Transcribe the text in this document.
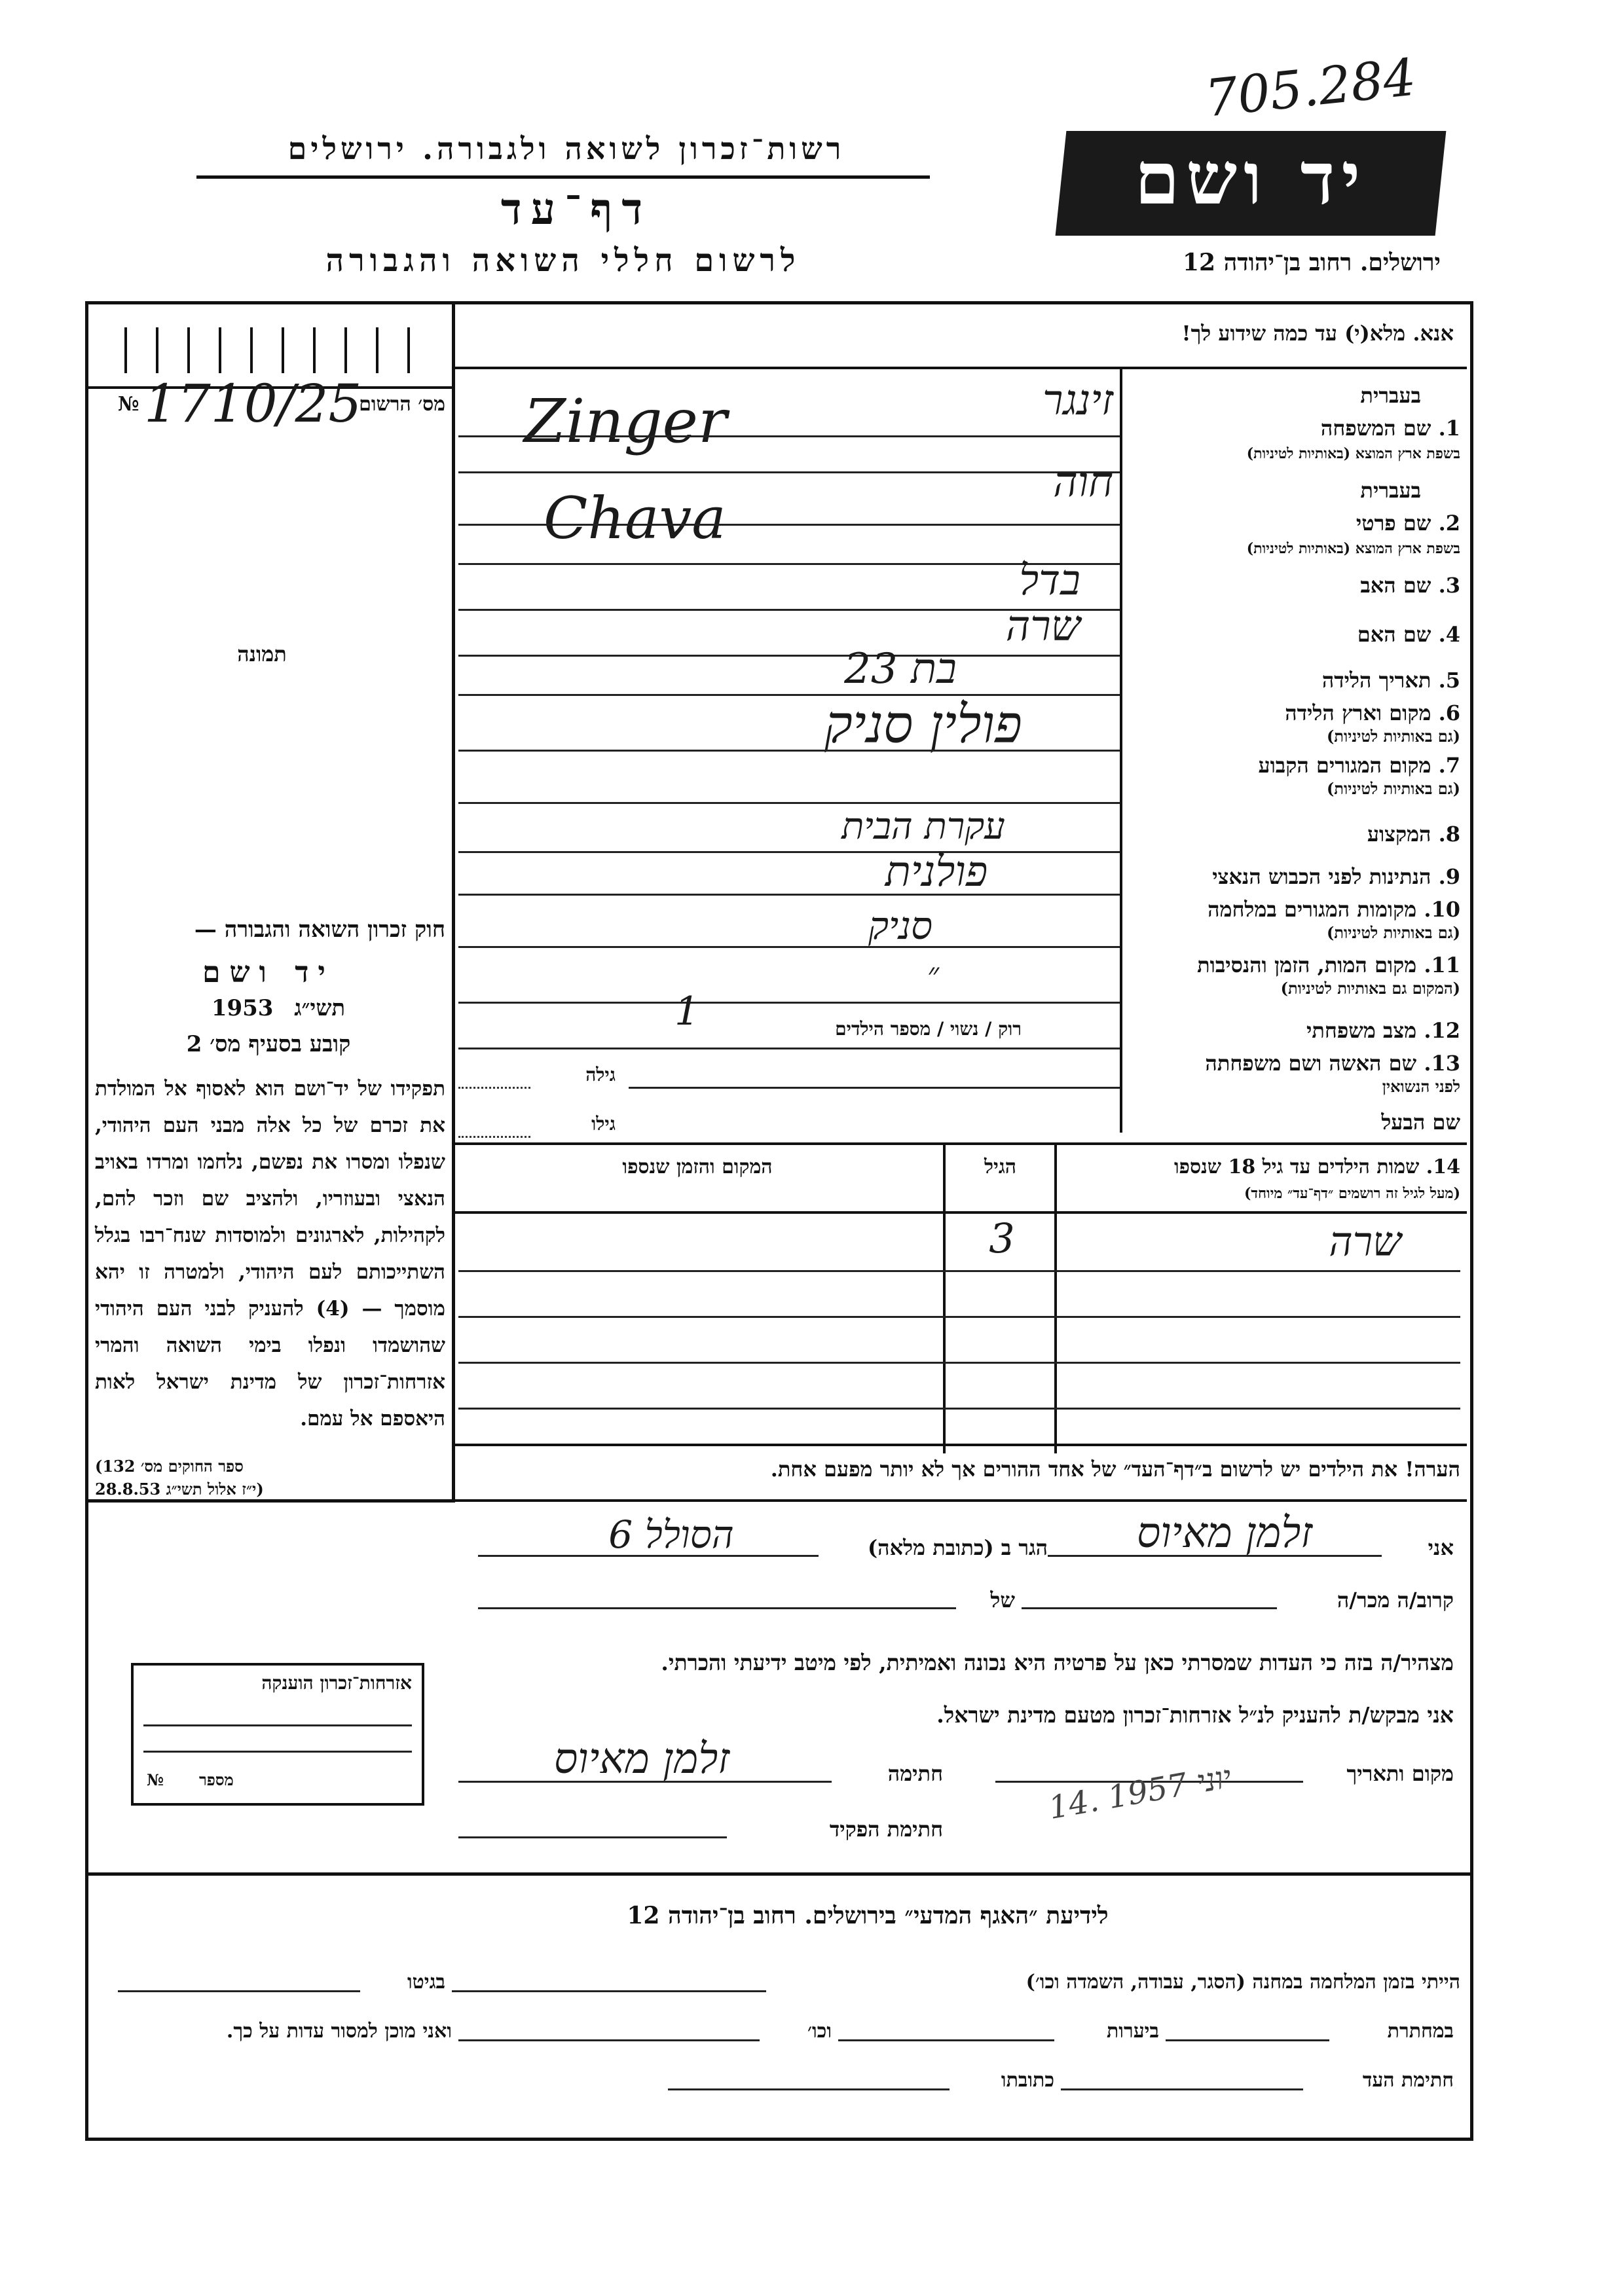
705.284
רשות־זכרון לשואה ולגבורה. ירושלים
דף־עד
לרשום חללי השואה והגבורה
יד ושם
ירושלים. רחוב בן־יהודה 12
1710/25
מס׳ הרשום
№
תמונה
חוק זכרון השואה והגבורה —
יד ושם
1953 תשי״ג
קובע בסעיף מס׳ 2
תפקידו של יד־ושם הוא לאסוף אל המולדת את זכרם של כל אלה מבני העם היהודי, שנפלו ומסרו את נפשם, נלחמו ומרדו באויב הנאצי ובעוזריו, ולהציב שם וזכר להם, לקהילות, לארגונים ולמוסדות שנח־רבו בגלל השתייכותם לעם היהודי, ולמטרה זו יהא מוסמך — (4) להעניק לבני העם היהודי שהושמדו ונפלו בימי השואה והמרי אזרחות־זכרון של מדינת ישראל לאות היאספם אל עמם.
(ספר החוקים מס׳ 132
י״ז אלול תשי״ג 28.8.53)
אנא. מלא(י) עד כמה שידוע לך!
בעברית
1. שם המשפחה
בשפת ארץ המוצא (באותיות לטיניות)
זינגר
Zinger
בעברית
2. שם פרטי
בשפת ארץ המוצא (באותיות לטיניות)
חוה
Chava
3. שם האב
בדל
4. שם האם
שרה
5. תאריך הלידה
בת 23
6. מקום וארץ הלידה
(גם באותיות לטיניות)
פולין סניק
7. מקום המגורים הקבוע
(גם באותיות לטיניות)
8. המקצוע
עקרת הבית
9. הנתינות לפני הכבוש הנאצי
פולנית
10. מקומות המגורים במלחמה
(גם באותיות לטיניות)
סניק
11. מקום המות, הזמן והנסיבות
(המקום גם באותיות לטיניות)
״
12. מצב משפחתי
רוק / נשוי / מספר הילדים
1
13. שם האשה ושם משפחתה
לפני הנשואין
גילה
שם הבעל
גילו
14. שמות הילדים עד גיל 18 שנספו
(מעל לגיל זה רושמים ״דף־עד״ מיוחד)
הגיל
המקום והזמן שנספו
שרה
3
הערה! את הילדים יש לרשום ב״דף־העד״ של אחד ההורים אך לא יותר מפעם אחת.
אני
זלמן מאיוס
הגר ב (כתובת מלאה)
הסולל 6
קרוב/ה מכר/ה
של
מצהיר/ה בזה כי העדות שמסרתי כאן על פרטיה היא נכונה ואמיתית, לפי מיטב ידיעתי והכרתי.
אני מבקש/ת להעניק לנ״ל אזרחות־זכרון מטעם מדינת ישראל.
מקום ותאריך
14. יוני 1957
חתימה
זלמן מאיוס
חתימת הפקיד
אזרחות־זכרון הוענקה
№ מספר
לידיעת ״האגף המדעי״ בירושלים. רחוב בן־יהודה 12
הייתי בזמן המלחמה במחנה (הסגר, עבודה, השמדה וכו׳)
בגיטו
במחתרת
ביערות
וכו׳
ואני מוכן למסור עדות על כך.
חתימת העד
כתובתו
